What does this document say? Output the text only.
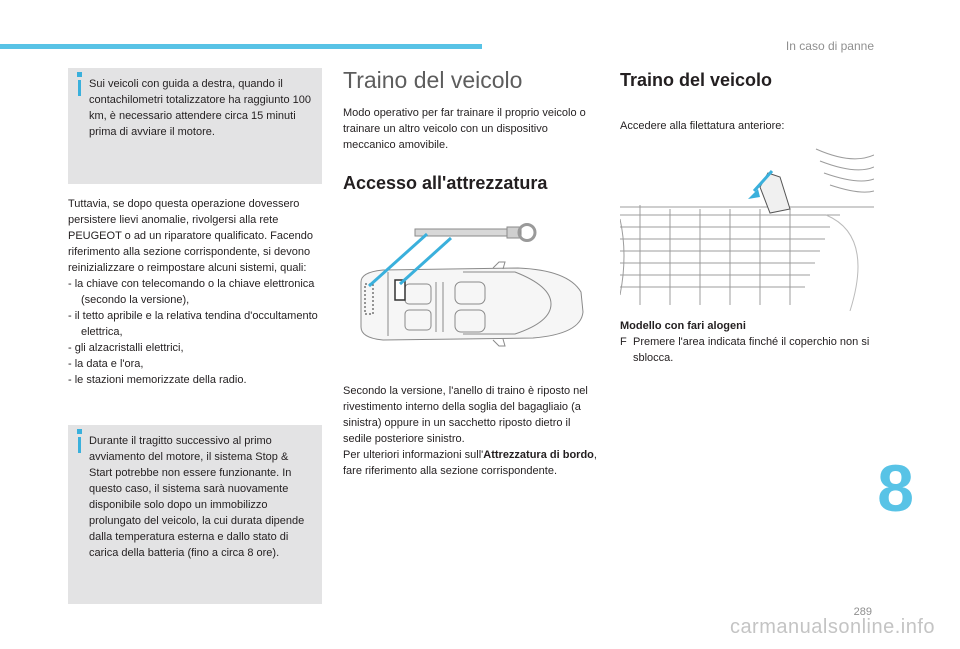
In caso di panne
Sui veicoli con guida a destra, quando il contachilometri totalizzatore ha raggiunto 100 km, è necessario attendere circa 15 minuti prima di avviare il motore.

Tuttavia, se dopo questa operazione dovessero persistere lievi anomalie, rivolgersi alla rete PEUGEOT o ad un riparatore qualificato. Facendo riferimento alla sezione corrispondente, si devono reinizializzare o reimpostare alcuni sistemi, quali:

- la chiave con telecomando o la chiave elettronica (secondo la versione),

- il tetto apribile e la relativa tendina d'occultamento elettrica,

- gli alzacristalli elettrici,

- la data e l'ora,

- le stazioni memorizzate della radio.

Durante il tragitto successivo al primo avviamento del motore, il sistema Stop & Start potrebbe non essere funzionante. In questo caso, il sistema sarà nuovamente disponibile solo dopo un immobilizzo prolungato del veicolo, la cui durata dipende dalla temperatura esterna e dallo stato di carica della batteria (fino a circa 8 ore).
Traino del veicolo
Modo operativo per far trainare il proprio veicolo o trainare un altro veicolo con un dispositivo meccanico amovibile.
Accesso all'attrezzatura

Secondo la versione, l'anello di traino è riposto nel rivestimento interno della soglia del bagagliaio (a sinistra) oppure in un sacchetto riposto dietro il sedile posteriore sinistro.

Per ulteriori informazioni sull'Attrezzatura di bordo, fare riferimento alla sezione corrispondente.

Traino del veicolo
Accedere alla filettatura anteriore:

Modello con fari alogeni

F Premere l'area indicata finché il coperchio non si sblocca.

8
289
carmanualsonline.info
